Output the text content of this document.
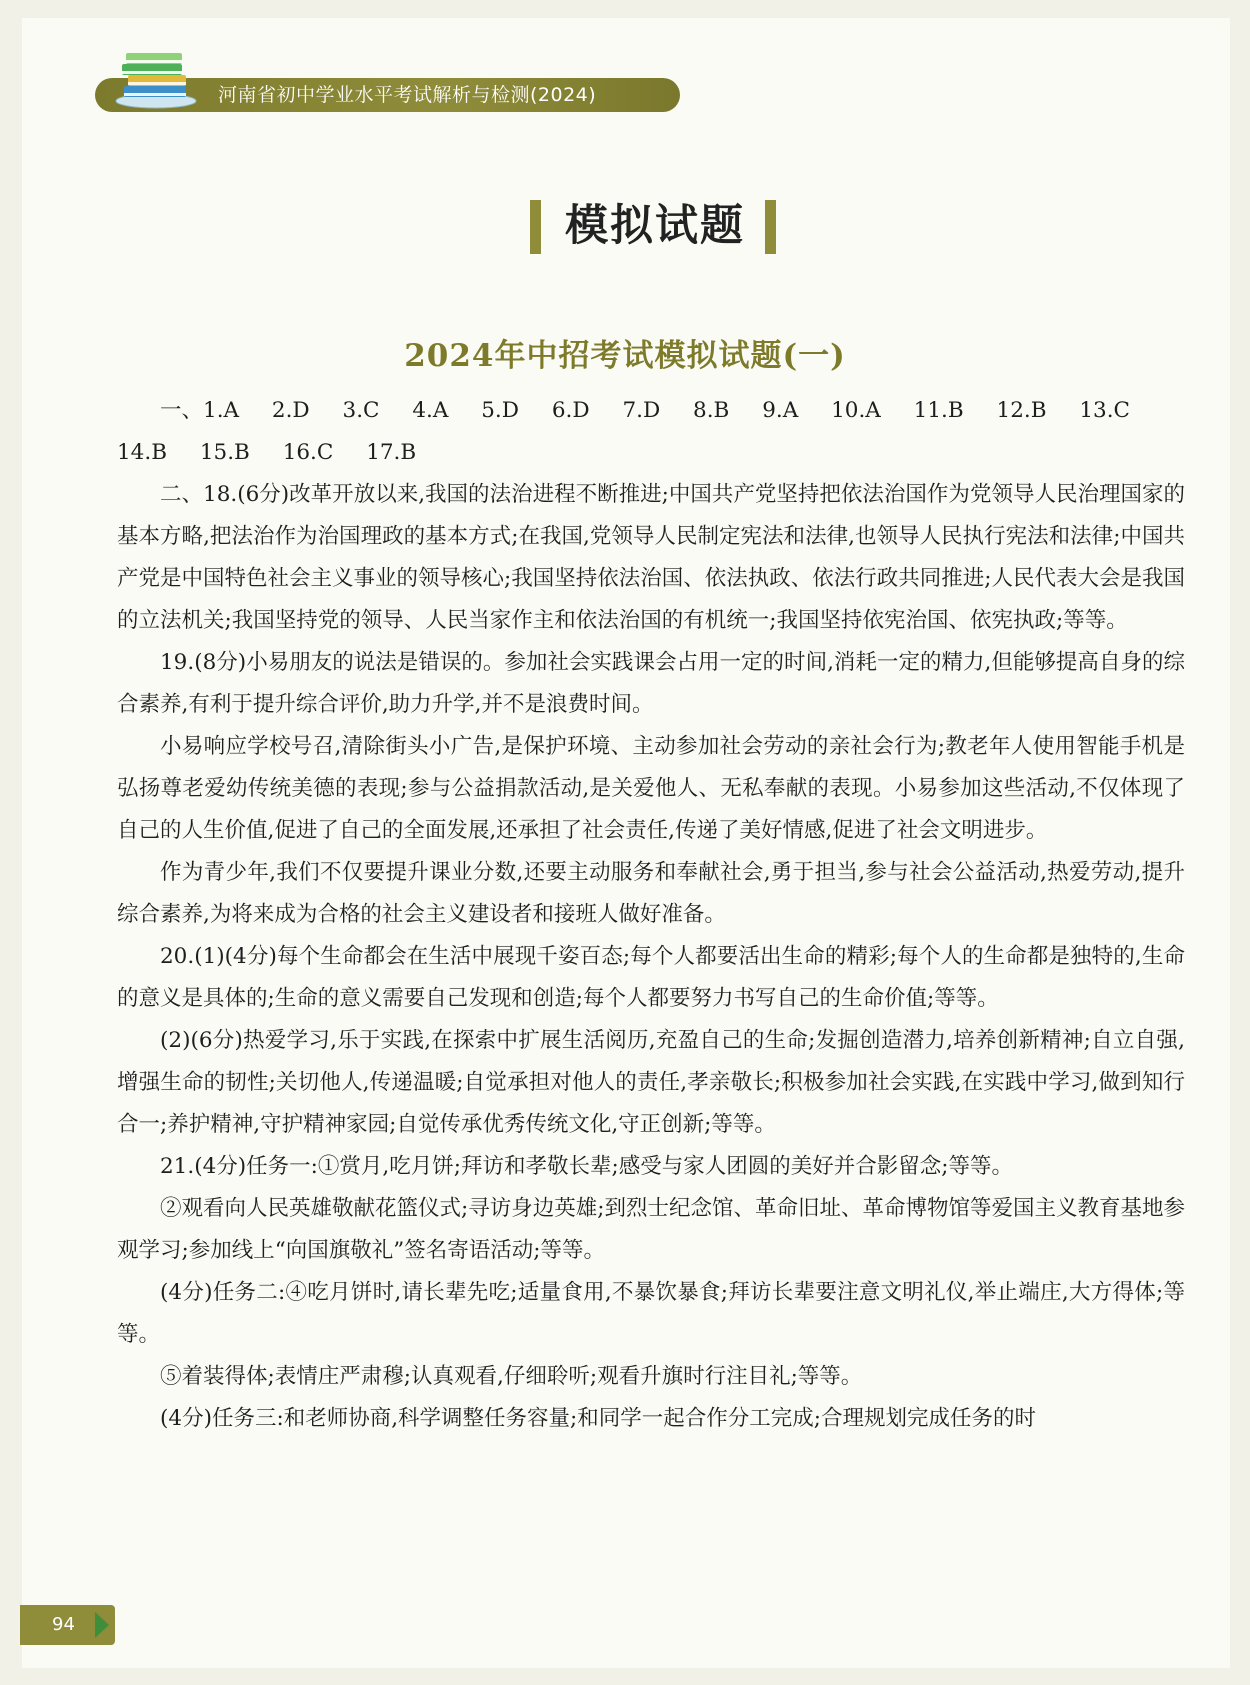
河南省初中学业水平考试解析与检测(2024)
模拟试题
2024年中招考试模拟试题(一)

一、1.A 2.D 3.C 4.A 5.D 6.D 7.D 8.B 9.A 10.A 11.B 12.B 13.C 14.B 15.B 16.C 17.B

二、18.(6分)改革开放以来,我国的法治进程不断推进;中国共产党坚持把依法治国作为党领导人民治理国家的基本方略,把法治作为治国理政的基本方式;在我国,党领导人民制定宪法和法律,也领导人民执行宪法和法律;中国共产党是中国特色社会主义事业的领导核心;我国坚持依法治国、依法执政、依法行政共同推进;人民代表大会是我国的立法机关;我国坚持党的领导、人民当家作主和依法治国的有机统一;我国坚持依宪治国、依宪执政;等等。

19.(8分)小易朋友的说法是错误的。参加社会实践课会占用一定的时间,消耗一定的精力,但能够提高自身的综合素养,有利于提升综合评价,助力升学,并不是浪费时间。

小易响应学校号召,清除街头小广告,是保护环境、主动参加社会劳动的亲社会行为;教老年人使用智能手机是弘扬尊老爱幼传统美德的表现;参与公益捐款活动,是关爱他人、无私奉献的表现。小易参加这些活动,不仅体现了自己的人生价值,促进了自己的全面发展,还承担了社会责任,传递了美好情感,促进了社会文明进步。

作为青少年,我们不仅要提升课业分数,还要主动服务和奉献社会,勇于担当,参与社会公益活动,热爱劳动,提升综合素养,为将来成为合格的社会主义建设者和接班人做好准备。

20.(1)(4分)每个生命都会在生活中展现千姿百态;每个人都要活出生命的精彩;每个人的生命都是独特的,生命的意义是具体的;生命的意义需要自己发现和创造;每个人都要努力书写自己的生命价值;等等。

(2)(6分)热爱学习,乐于实践,在探索中扩展生活阅历,充盈自己的生命;发掘创造潜力,培养创新精神;自立自强,增强生命的韧性;关切他人,传递温暖;自觉承担对他人的责任,孝亲敬长;积极参加社会实践,在实践中学习,做到知行合一;养护精神,守护精神家园;自觉传承优秀传统文化,守正创新;等等。

21.(4分)任务一:①赏月,吃月饼;拜访和孝敬长辈;感受与家人团圆的美好并合影留念;等等。

②观看向人民英雄敬献花篮仪式;寻访身边英雄;到烈士纪念馆、革命旧址、革命博物馆等爱国主义教育基地参观学习;参加线上“向国旗敬礼”签名寄语活动;等等。

(4分)任务二:④吃月饼时,请长辈先吃;适量食用,不暴饮暴食;拜访长辈要注意文明礼仪,举止端庄,大方得体;等等。

⑤着装得体;表情庄严肃穆;认真观看,仔细聆听;观看升旗时行注目礼;等等。

(4分)任务三:和老师协商,科学调整任务容量;和同学一起合作分工完成;合理规划完成任务的时

94
